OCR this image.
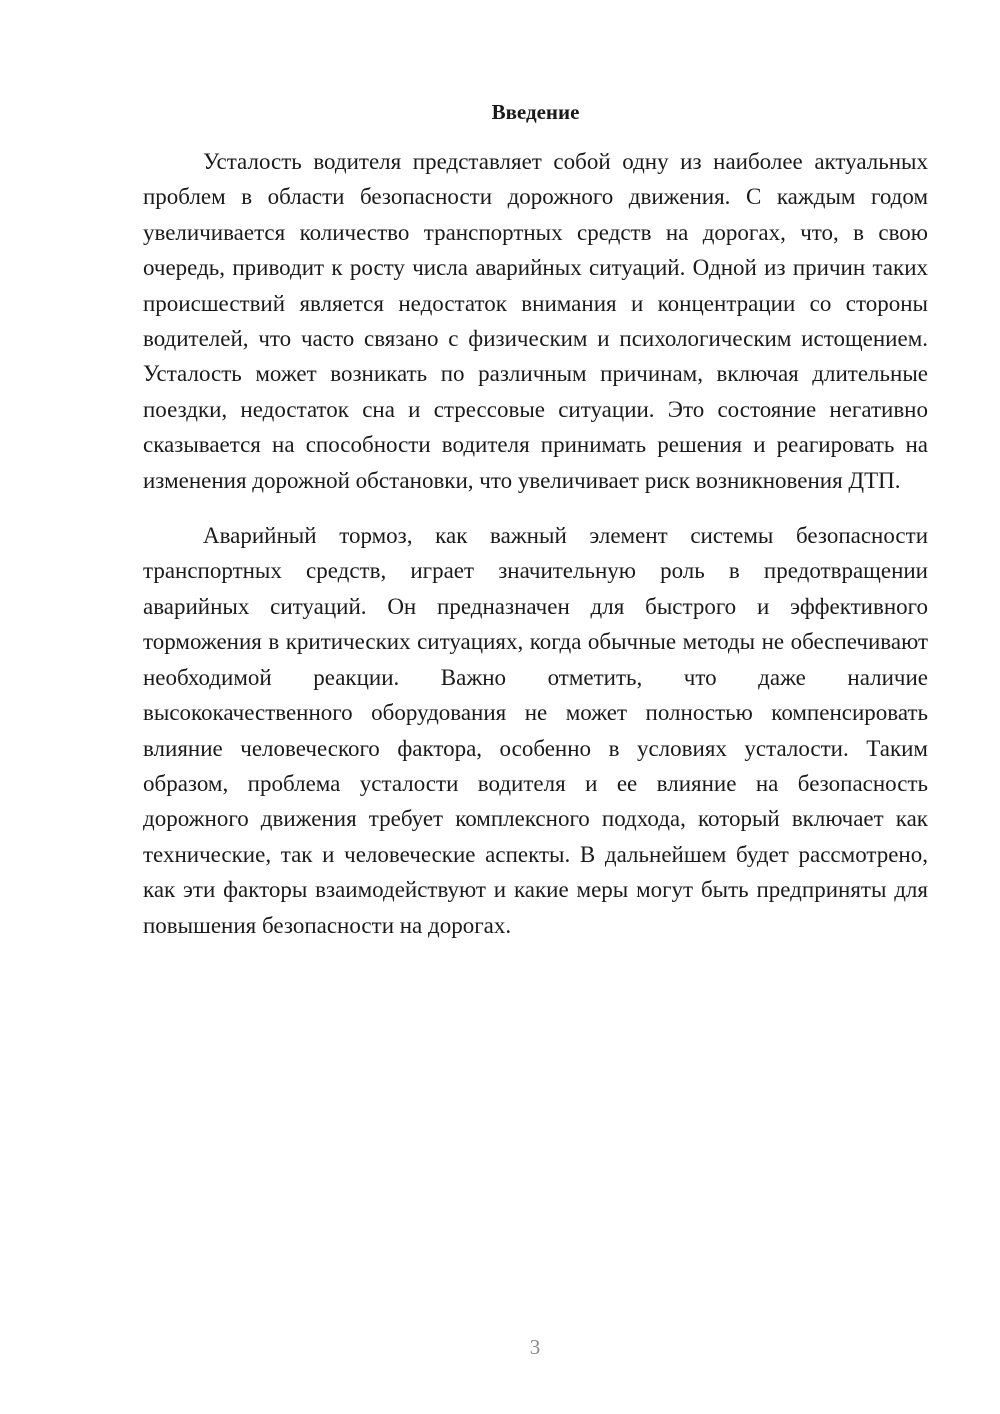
Введение

Усталость водителя представляет собой одну из наиболее актуальных проблем в области безопасности дорожного движения. С каждым годом увеличивается количество транспортных средств на дорогах, что, в свою очередь, приводит к росту числа аварийных ситуаций. Одной из причин таких происшествий является недостаток внимания и концентрации со стороны водителей, что часто связано с физическим и психологическим истощением. Усталость может возникать по различным причинам, включая длительные поездки, недостаток сна и стрессовые ситуации. Это состояние негативно сказывается на способности водителя принимать решения и реагировать на изменения дорожной обстановки, что увеличивает риск возникновения ДТП.

Аварийный тормоз, как важный элемент системы безопасности транспортных средств, играет значительную роль в предотвращении аварийных ситуаций. Он предназначен для быстрого и эффективного торможения в критических ситуациях, когда обычные методы не обеспечивают необходимой реакции. Важно отметить, что даже наличие высококачественного оборудования не может полностью компенсировать влияние человеческого фактора, особенно в условиях усталости. Таким образом, проблема усталости водителя и ее влияние на безопасность дорожного движения требует комплексного подхода, который включает как технические, так и человеческие аспекты. В дальнейшем будет рассмотрено, как эти факторы взаимодействуют и какие меры могут быть предприняты для повышения безопасности на дорогах.

3
